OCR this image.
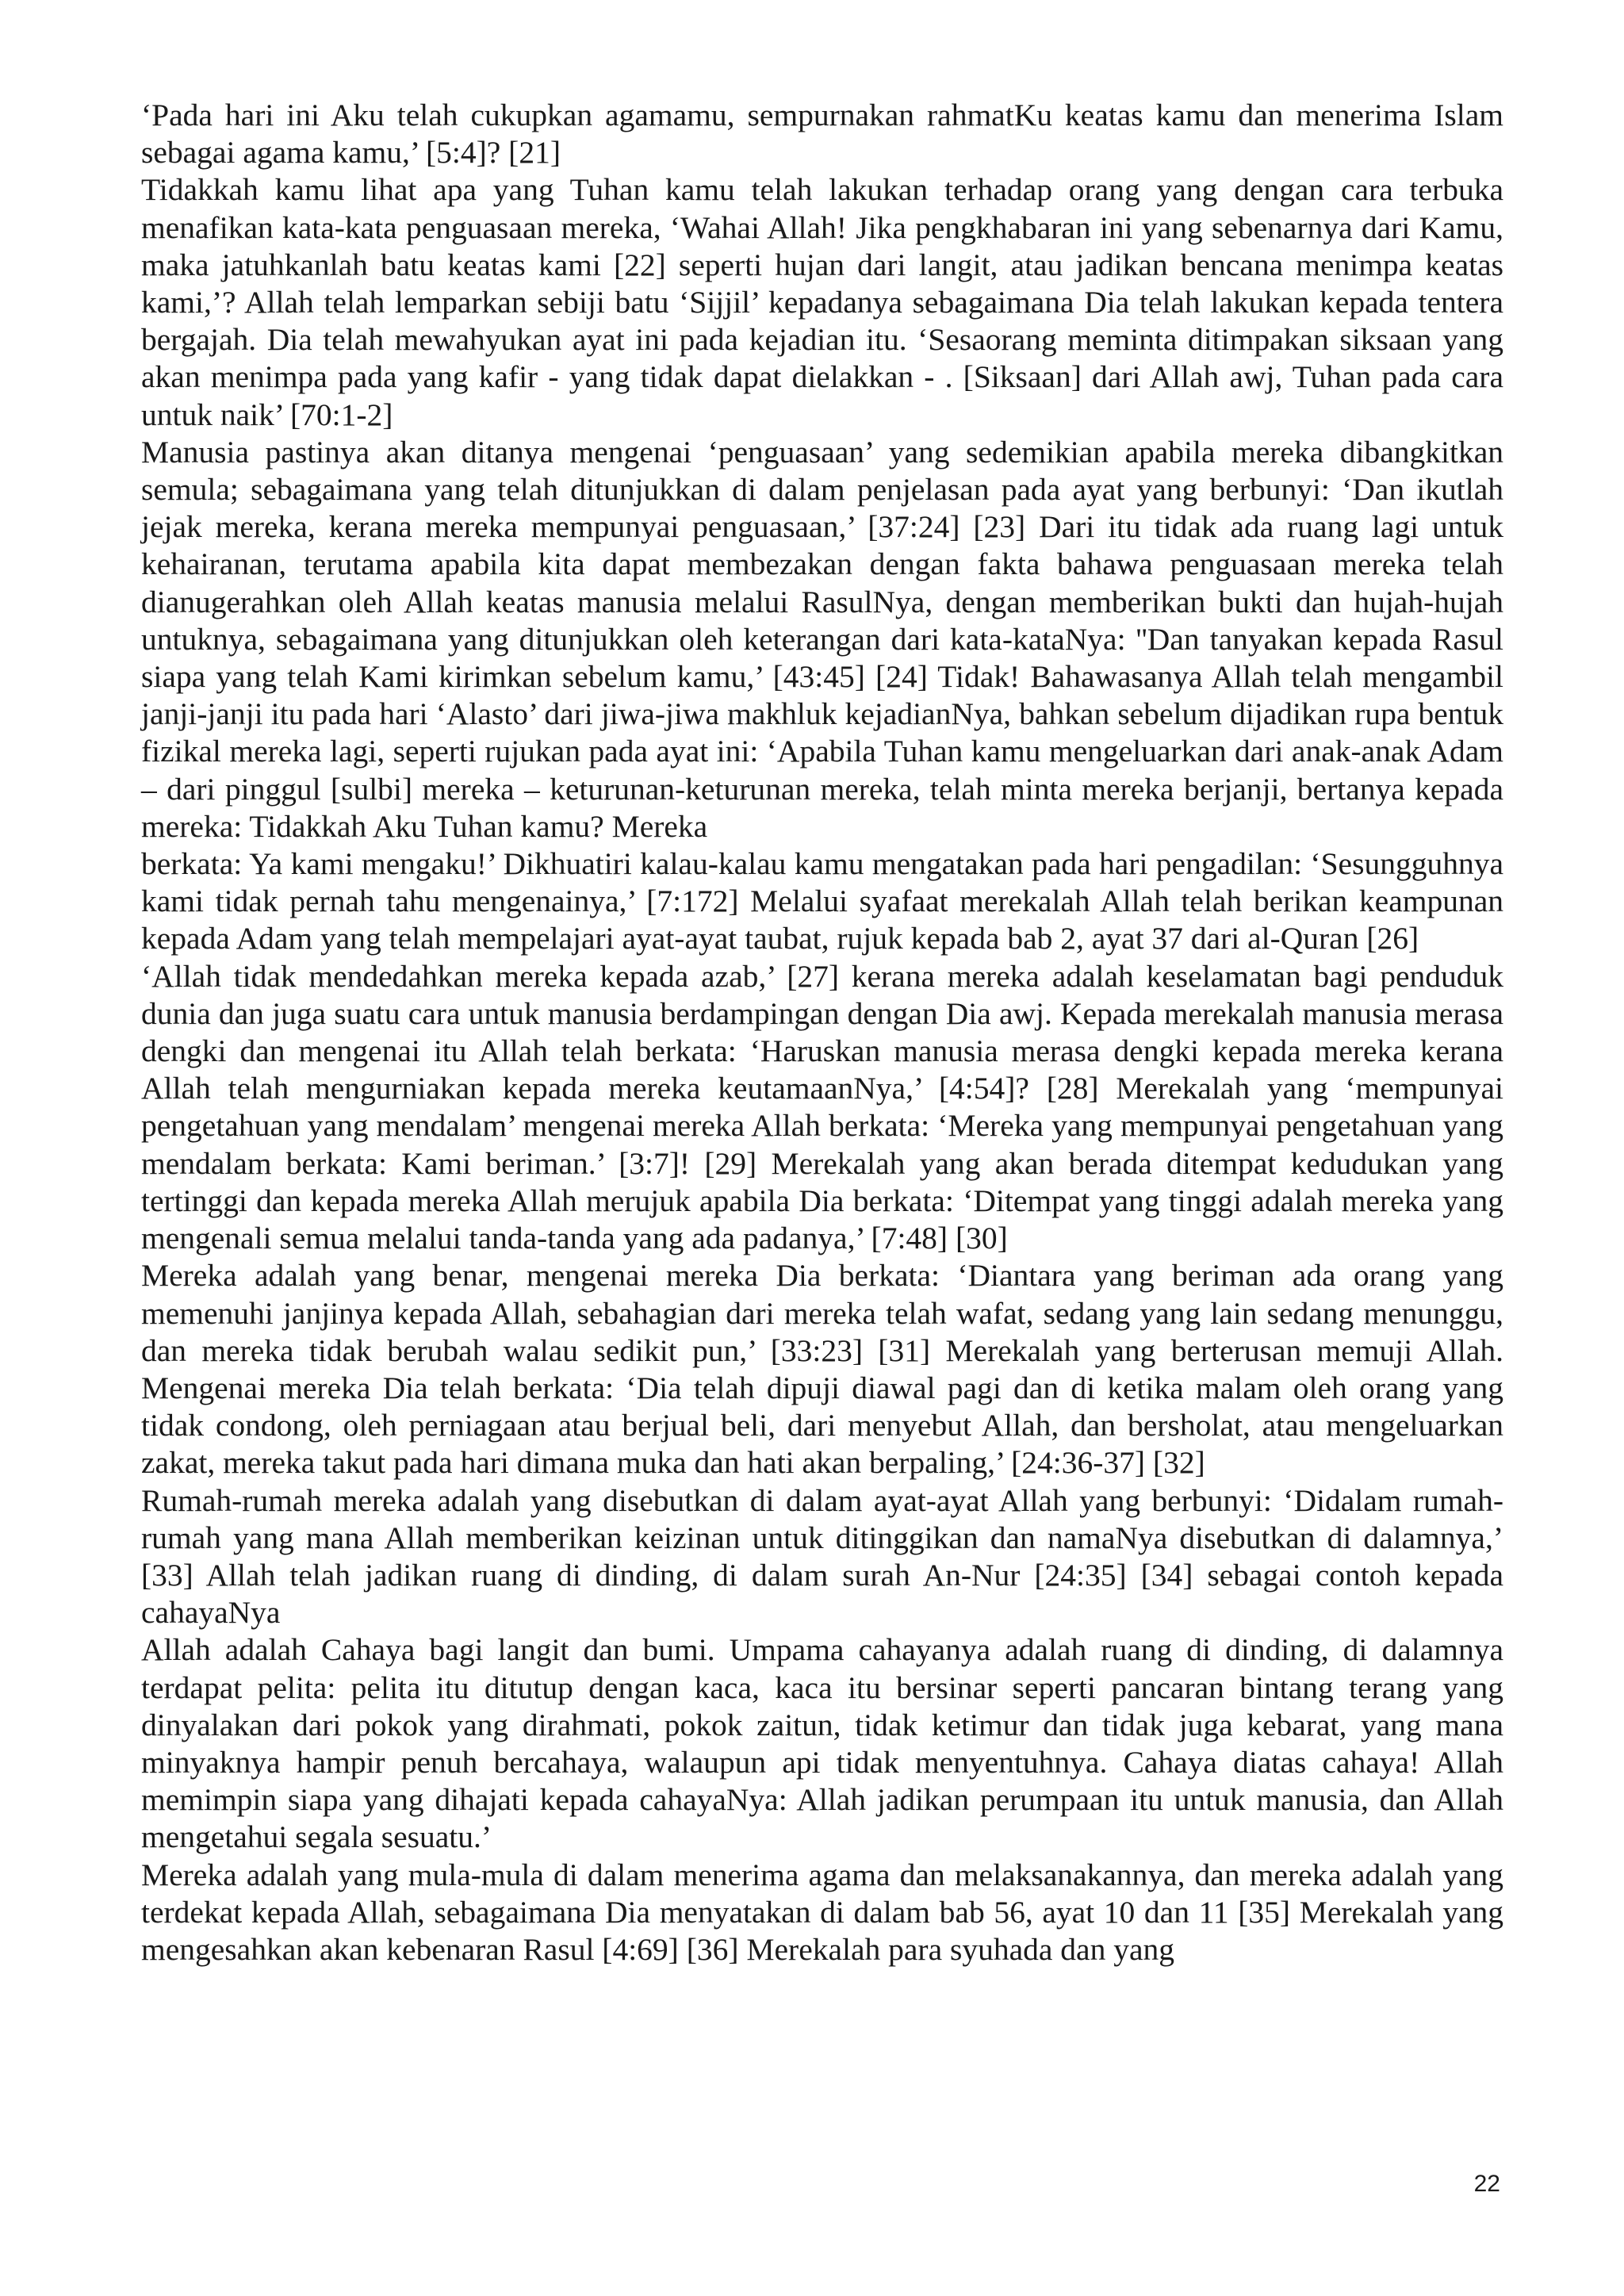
‘Pada hari ini Aku telah cukupkan agamamu, sempurnakan rahmatKu keatas kamu dan menerima Islam sebagai agama kamu,’ [5:4]? [21]

Tidakkah kamu lihat apa yang Tuhan kamu telah lakukan terhadap orang yang dengan cara terbuka menafikan kata-kata penguasaan mereka, ‘Wahai Allah! Jika pengkhabaran ini yang sebenarnya dari Kamu, maka jatuhkanlah batu keatas kami [22] seperti hujan dari langit, atau jadikan bencana menimpa keatas kami,’? Allah telah lemparkan sebiji batu ‘Sijjil’ kepadanya sebagaimana Dia telah lakukan kepada tentera bergajah. Dia telah mewahyukan ayat ini pada kejadian itu. ‘Sesaorang meminta ditimpakan siksaan yang akan menimpa pada yang kafir - yang tidak dapat dielakkan - . [Siksaan] dari Allah awj, Tuhan pada cara untuk naik’ [70:1-2]

Manusia pastinya akan ditanya mengenai ‘penguasaan’ yang sedemikian apabila mereka dibangkitkan semula; sebagaimana yang telah ditunjukkan di dalam penjelasan pada ayat yang berbunyi: ‘Dan ikutlah jejak mereka, kerana mereka mempunyai penguasaan,’ [37:24] [23] Dari itu tidak ada ruang lagi untuk kehairanan, terutama apabila kita dapat membezakan dengan fakta bahawa penguasaan mereka telah dianugerahkan oleh Allah keatas manusia melalui RasulNya, dengan memberikan bukti dan hujah-hujah untuknya, sebagaimana yang ditunjukkan oleh keterangan dari kata-kataNya: ''Dan tanyakan kepada Rasul siapa yang telah Kami kirimkan sebelum kamu,’ [43:45] [24] Tidak! Bahawasanya Allah telah mengambil janji-janji itu pada hari ‘Alasto’ dari jiwa-jiwa makhluk kejadianNya, bahkan sebelum dijadikan rupa bentuk fizikal mereka lagi, seperti rujukan pada ayat ini: ‘Apabila Tuhan kamu mengeluarkan dari anak-anak Adam – dari pinggul [sulbi] mereka – keturunan-keturunan mereka, telah minta mereka berjanji, bertanya kepada mereka: Tidakkah Aku Tuhan kamu? Mereka

berkata: Ya kami mengaku!’ Dikhuatiri kalau-kalau kamu mengatakan pada hari pengadilan: ‘Sesungguhnya kami tidak pernah tahu mengenainya,’ [7:172] Melalui syafaat merekalah Allah telah berikan keampunan kepada Adam yang telah mempelajari ayat-ayat taubat, rujuk kepada bab 2, ayat 37 dari al-Quran [26]

‘Allah tidak mendedahkan mereka kepada azab,’ [27] kerana mereka adalah keselamatan bagi penduduk dunia dan juga suatu cara untuk manusia berdampingan dengan Dia awj. Kepada merekalah manusia merasa dengki dan mengenai itu Allah telah berkata: ‘Haruskan manusia merasa dengki kepada mereka kerana Allah telah mengurniakan kepada mereka keutamaanNya,’ [4:54]? [28] Merekalah yang ‘mempunyai pengetahuan yang mendalam’ mengenai mereka Allah berkata: ‘Mereka yang mempunyai pengetahuan yang mendalam berkata: Kami beriman.’ [3:7]! [29] Merekalah yang akan berada ditempat kedudukan yang tertinggi dan kepada mereka Allah merujuk apabila Dia berkata: ‘Ditempat yang tinggi adalah mereka yang mengenali semua melalui tanda-tanda yang ada padanya,’ [7:48] [30]

Mereka adalah yang benar, mengenai mereka Dia berkata: ‘Diantara yang beriman ada orang yang memenuhi janjinya kepada Allah, sebahagian dari mereka telah wafat, sedang yang lain sedang menunggu, dan mereka tidak berubah walau sedikit pun,’ [33:23] [31] Merekalah yang berterusan memuji Allah. Mengenai mereka Dia telah berkata: ‘Dia telah dipuji diawal pagi dan di ketika malam oleh orang yang tidak condong, oleh perniagaan atau berjual beli, dari menyebut Allah, dan bersholat, atau mengeluarkan zakat, mereka takut pada hari dimana muka dan hati akan berpaling,’ [24:36-37] [32]

Rumah-rumah mereka adalah yang disebutkan di dalam ayat-ayat Allah yang berbunyi: ‘Didalam rumah-rumah yang mana Allah memberikan keizinan untuk ditinggikan dan namaNya disebutkan di dalamnya,’ [33] Allah telah jadikan ruang di dinding, di dalam surah An-Nur [24:35] [34] sebagai contoh kepada cahayaNya

Allah adalah Cahaya bagi langit dan bumi. Umpama cahayanya adalah ruang di dinding, di dalamnya terdapat pelita: pelita itu ditutup dengan kaca, kaca itu bersinar seperti pancaran bintang terang yang dinyalakan dari pokok yang dirahmati, pokok zaitun, tidak ketimur dan tidak juga kebarat, yang mana minyaknya hampir penuh bercahaya, walaupun api tidak menyentuhnya. Cahaya diatas cahaya! Allah memimpin siapa yang dihajati kepada cahayaNya: Allah jadikan perumpaan itu untuk manusia, dan Allah mengetahui segala sesuatu.’

Mereka adalah yang mula-mula di dalam menerima agama dan melaksanakannya, dan mereka adalah yang terdekat kepada Allah, sebagaimana Dia menyatakan di dalam bab 56, ayat 10 dan 11 [35] Merekalah yang mengesahkan akan kebenaran Rasul [4:69] [36] Merekalah para syuhada dan yang

22
